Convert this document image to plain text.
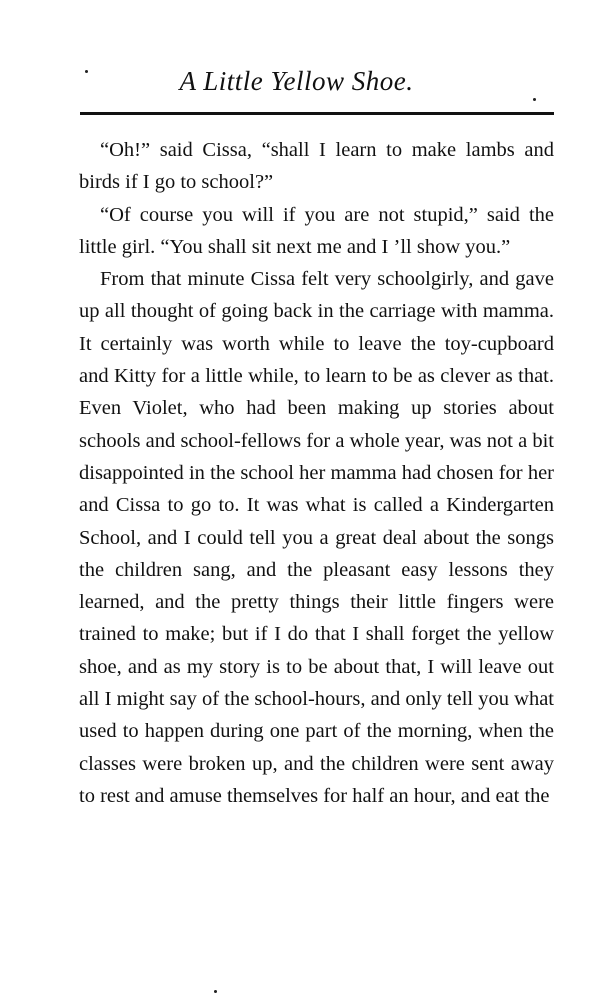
A Little Yellow Shoe.

“Oh!” said Cissa, “shall I learn to make lambs and birds if I go to school?”

“Of course you will if you are not stupid,” said the little girl. “You shall sit next me and I ’ll show you.”

From that minute Cissa felt very schoolgirly, and gave up all thought of going back in the carriage with mamma. It certainly was worth while to leave the toy-cupboard and Kitty for a little while, to learn to be as clever as that. Even Violet, who had been making up stories about schools and school-fellows for a whole year, was not a bit disappointed in the school her mamma had chosen for her and Cissa to go to. It was what is called a Kindergarten School, and I could tell you a great deal about the songs the children sang, and the pleasant easy lessons they learned, and the pretty things their little fingers were trained to make; but if I do that I shall forget the yellow shoe, and as my story is to be about that, I will leave out all I might say of the school-hours, and only tell you what used to happen during one part of the morning, when the classes were broken up, and the children were sent away to rest and amuse themselves for half an hour, and eat the
